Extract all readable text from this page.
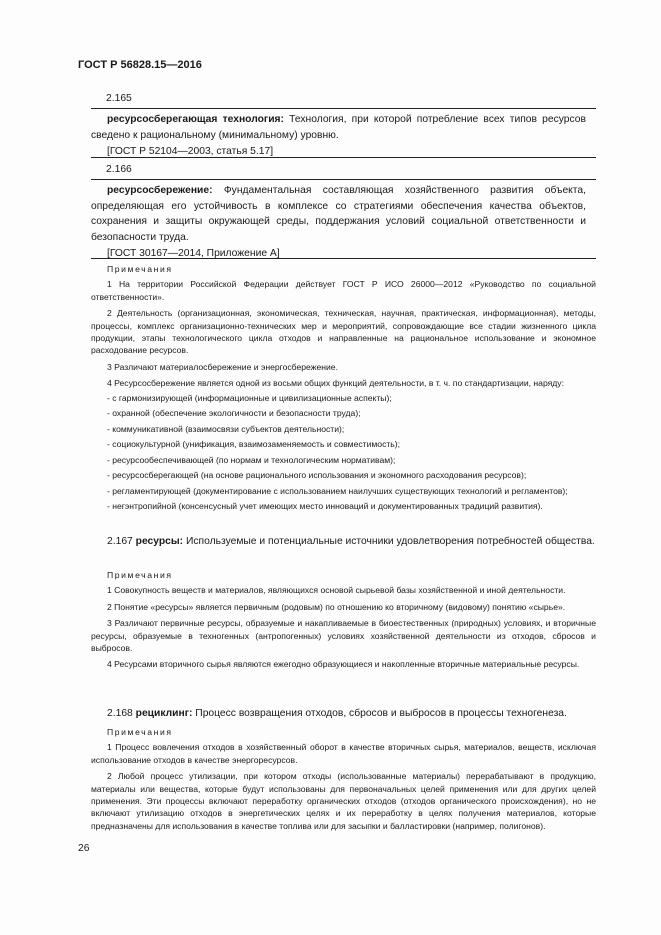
ГОСТ Р 56828.15—2016
2.165

ресурсосберегающая технология: Технология, при которой потребление всех типов ресурсов сведено к рациональному (минимальному) уровню.

[ГОСТ Р 52104—2003, статья 5.17]

2.166

ресурсосбережение: Фундаментальная составляющая хозяйственного развития объекта, определяющая его устойчивость в комплексе со стратегиями обеспечения качества объектов, сохранения и защиты окружающей среды, поддержания условий социальной ответственности и безопасности труда.

[ГОСТ 30167—2014, Приложение А]

Примечания

1 На территории Российской Федерации действует ГОСТ Р ИСО 26000—2012 «Руководство по социальной ответственности».

2 Деятельность (организационная, экономическая, техническая, научная, практическая, информационная), методы, процессы, комплекс организационно-технических мер и мероприятий, сопровождающие все стадии жизненного цикла продукции, этапы технологического цикла отходов и направленные на рациональное использование и экономное расходование ресурсов.

3 Различают материалосбережение и энергосбережение.

4 Ресурсосбережение является одной из восьми общих функций деятельности, в т. ч. по стандартизации, наряду:

- с гармонизирующей (информационные и цивилизационные аспекты);

- охранной (обеспечение экологичности и безопасности труда);

- коммуникативной (взаимосвязи субъектов деятельности);

- социокультурной (унификация, взаимозаменяемость и совместимость);

- ресурсообеспечивающей (по нормам и технологическим нормативам);

- ресурсосберегающей (на основе рационального использования и экономного расходования ресурсов);

- регламентирующей (документирование с использованием наилучших существующих технологий и регламентов);

- негэнтропийной (консенсусный учет имеющих место инноваций и документированных традиций развития).

2.167 ресурсы: Используемые и потенциальные источники удовлетворения потребностей общества.

Примечания

1 Совокупность веществ и материалов, являющихся основой сырьевой базы хозяйственной и иной деятельности.

2 Понятие «ресурсы» является первичным (родовым) по отношению ко вторичному (видовому) понятию «сырье».

3 Различают первичные ресурсы, образуемые и накапливаемые в биоестественных (природных) условиях, и вторичные ресурсы, образуемые в техногенных (антропогенных) условиях хозяйственной деятельности из отходов, сбросов и выбросов.

4 Ресурсами вторичного сырья являются ежегодно образующиеся и накопленные вторичные материальные ресурсы.

2.168 рециклинг: Процесс возвращения отходов, сбросов и выбросов в процессы техногенеза.

Примечания

1 Процесс вовлечения отходов в хозяйственный оборот в качестве вторичных сырья, материалов, веществ, исключая использование отходов в качестве энергоресурсов.

2 Любой процесс утилизации, при котором отходы (использованные материалы) перерабатывают в продукцию, материалы или вещества, которые будут использованы для первоначальных целей применения или для других целей применения. Эти процессы включают переработку органических отходов (отходов органического происхождения), но не включают утилизацию отходов в энергетических целях и их переработку в целях получения материалов, которые предназначены для использования в качестве топлива или для засыпки и балластировки (например, полигонов).

26
